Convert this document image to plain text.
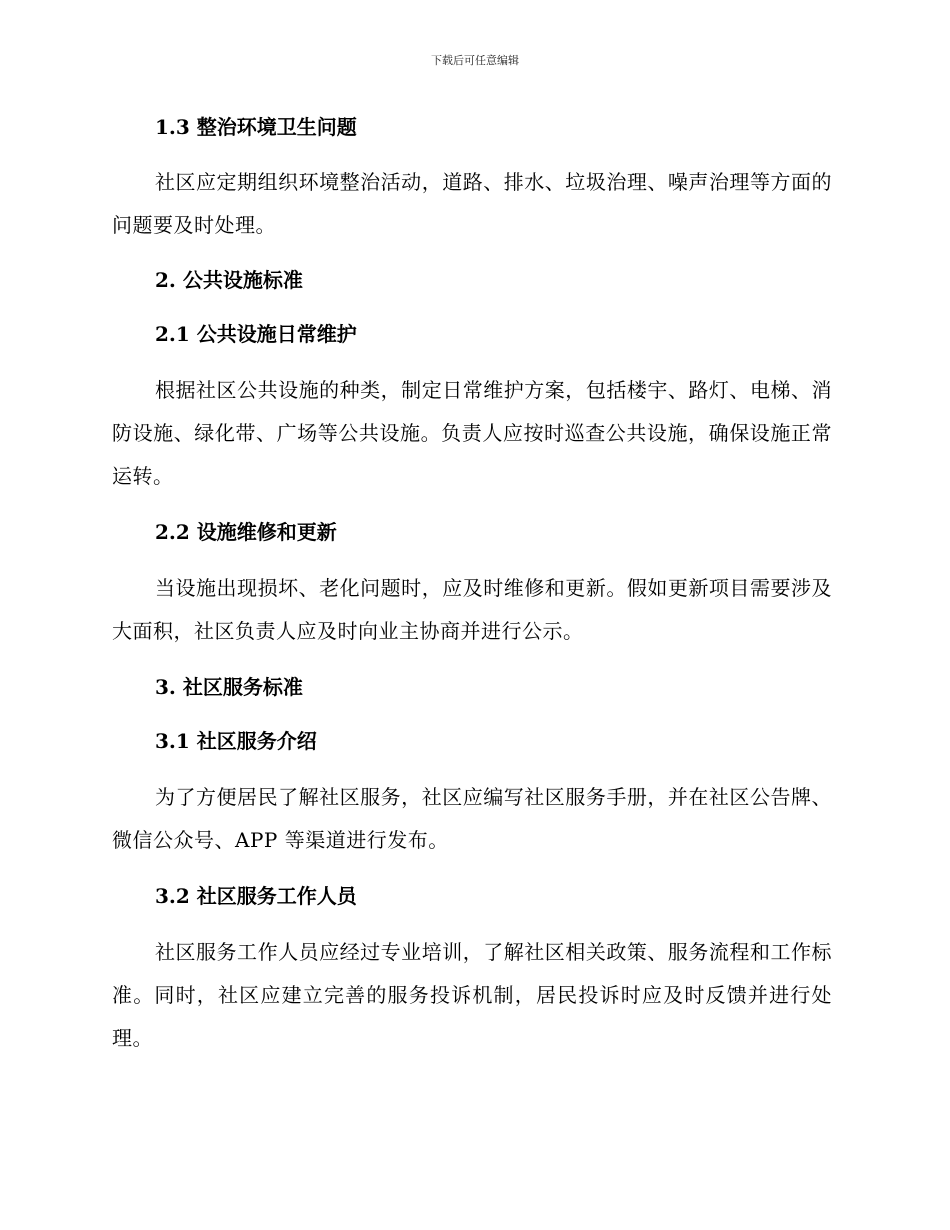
下载后可任意编辑

1.3 整治环境卫生问题

社区应定期组织环境整治活动，道路、排水、垃圾治理、噪声治理等方面的问题要及时处理。

2. 公共设施标准

2.1 公共设施日常维护

根据社区公共设施的种类，制定日常维护方案，包括楼宇、路灯、电梯、消防设施、绿化带、广场等公共设施。负责人应按时巡查公共设施，确保设施正常运转。

2.2 设施维修和更新

当设施出现损坏、老化问题时，应及时维修和更新。假如更新项目需要涉及大面积，社区负责人应及时向业主协商并进行公示。

3. 社区服务标准

3.1 社区服务介绍

为了方便居民了解社区服务，社区应编写社区服务手册，并在社区公告牌、微信公众号、APP 等渠道进行发布。

3.2 社区服务工作人员

社区服务工作人员应经过专业培训，了解社区相关政策、服务流程和工作标准。同时，社区应建立完善的服务投诉机制，居民投诉时应及时反馈并进行处理。
